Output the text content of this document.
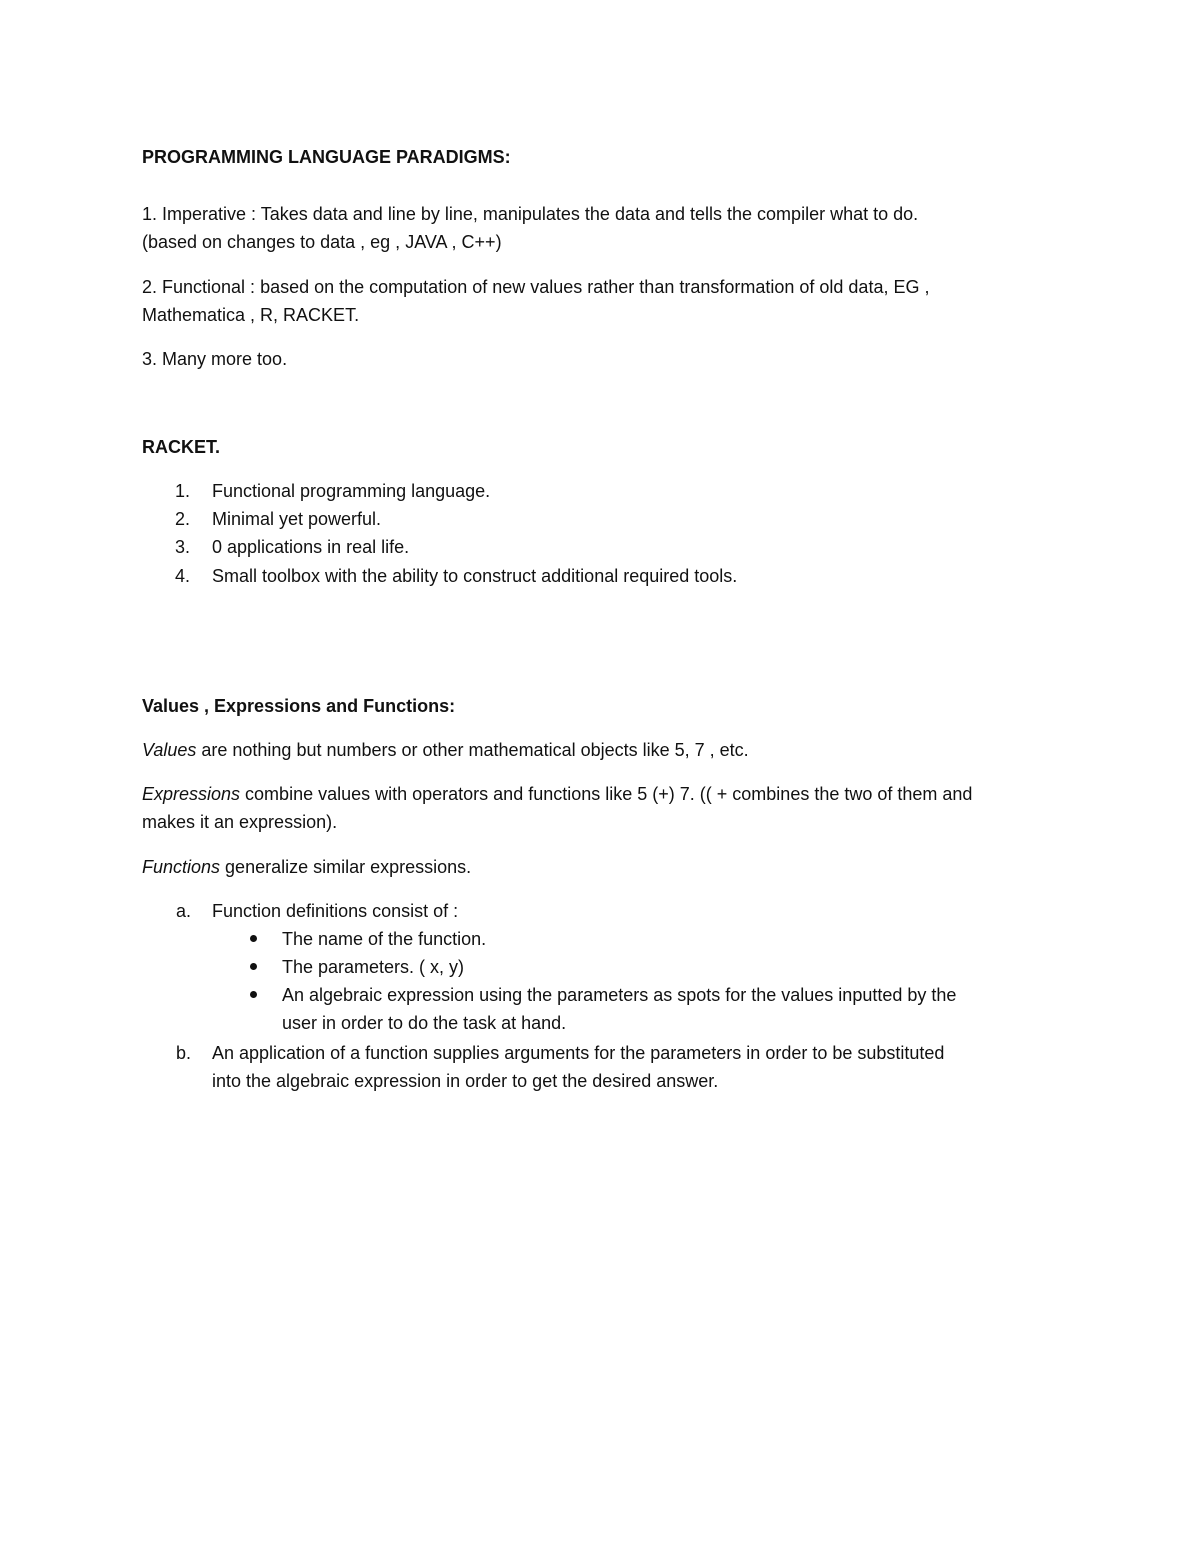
PROGRAMMING LANGUAGE PARADIGMS:
1. Imperative : Takes data and line by line, manipulates the data and tells the compiler what to do.
(based on changes to data , eg , JAVA , C++)
2. Functional : based on the computation of new values rather than transformation of old data, EG ,
Mathematica , R, RACKET.
3. Many more too.
RACKET.
1. Functional programming language.
2. Minimal yet powerful.
3. 0 applications in real life.
4. Small toolbox with the ability to construct additional required tools.
Values , Expressions and Functions:
Values are nothing but numbers or other mathematical objects like 5, 7 , etc.
Expressions combine values with operators and functions like 5 (+) 7. (( + combines the two of them and
makes it an expression).
Functions generalize similar expressions.
a. Function definitions consist of :
The name of the function.
The parameters. ( x, y)
An algebraic expression using the parameters as spots for the values inputted by the
user in order to do the task at hand.
b. An application of a function supplies arguments for the parameters in order to be substituted
into the algebraic expression in order to get the desired answer.
